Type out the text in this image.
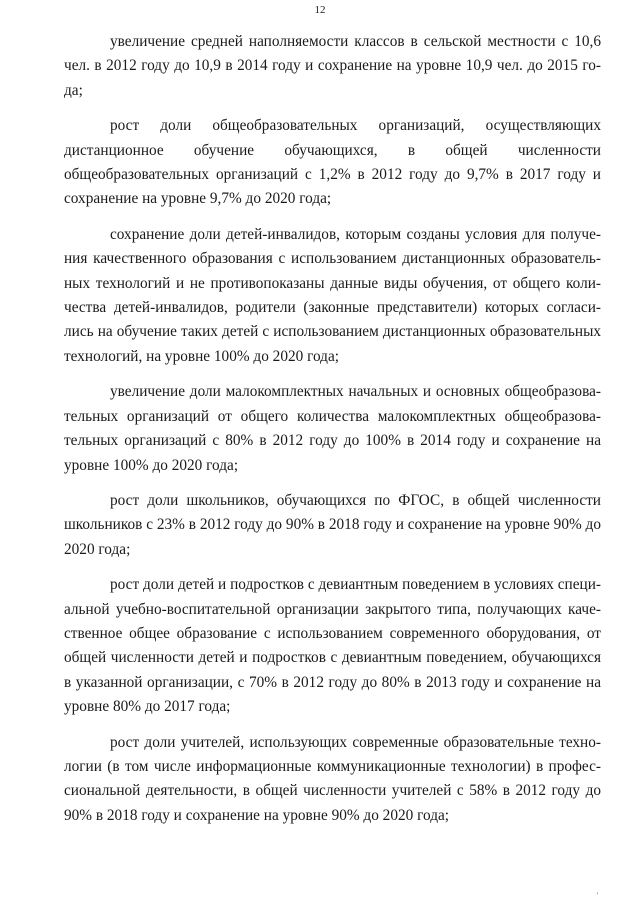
12

увеличение средней наполняемости классов в сельской местности с 10,6 чел. в 2012 году до 10,9 в 2014 году и сохранение на уровне 10,9 чел. до 2015 года;

рост доли общеобразовательных организаций, осуществляющих дистанционное обучение обучающихся, в общей численности общеобразовательных организаций с 1,2% в 2012 году до 9,7% в 2017 году и сохранение на уровне 9,7% до 2020 года;

сохранение доли детей-инвалидов, которым созданы условия для получения качественного образования с использованием дистанционных образовательных технологий и не противопоказаны данные виды обучения, от общего количества детей-инвалидов, родители (законные представители) которых согласились на обучение таких детей с использованием дистанционных образовательных технологий, на уровне 100% до 2020 года;

увеличение доли малокомплектных начальных и основных общеобразовательных организаций от общего количества малокомплектных общеобразовательных организаций с 80% в 2012 году до 100% в 2014 году и сохранение на уровне 100% до 2020 года;

рост доли школьников, обучающихся по ФГОС, в общей численности школьников с 23% в 2012 году до 90% в 2018 году и сохранение на уровне 90% до 2020 года;

рост доли детей и подростков с девиантным поведением в условиях специальной учебно-воспитательной организации закрытого типа, получающих качественное общее образование с использованием современного оборудования, от общей численности детей и подростков с девиантным поведением, обучающихся в указанной организации, с 70% в 2012 году до 80% в 2013 году и сохранение на уровне 80% до 2017 года;

рост доли учителей, использующих современные образовательные технологии (в том числе информационные коммуникационные технологии) в профессиональной деятельности, в общей численности учителей с 58% в 2012 году до 90% в 2018 году и сохранение на уровне 90% до 2020 года;

'
